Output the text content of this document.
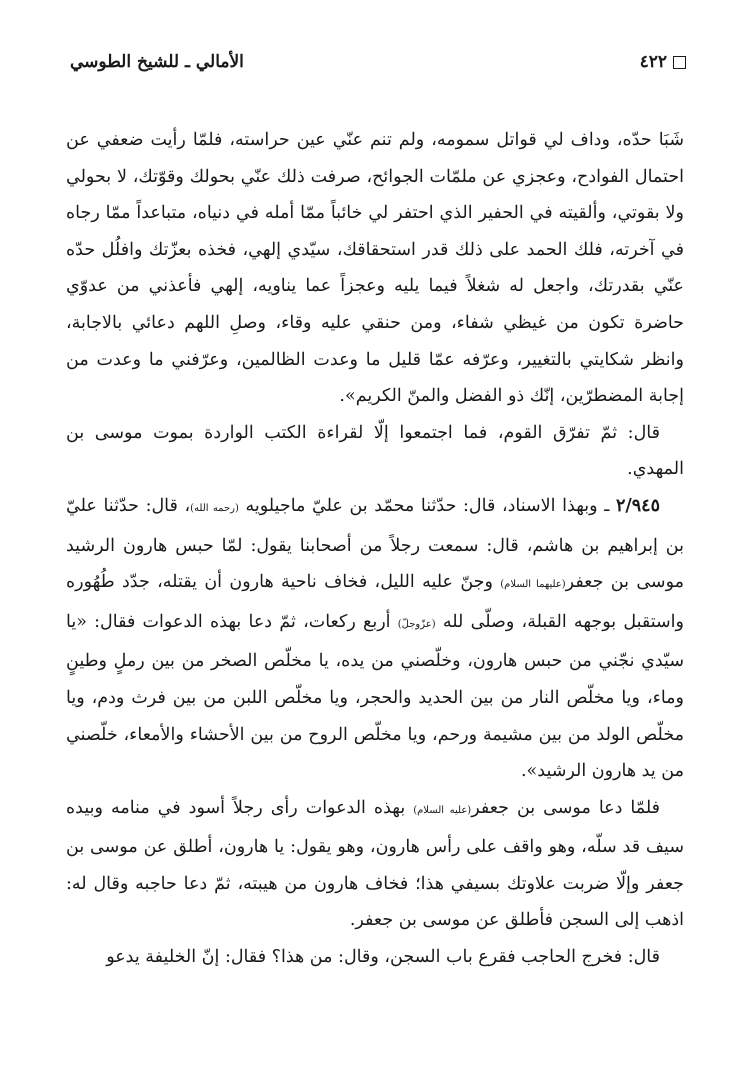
الأمالي ـ للشيخ الطوسي	٤٢٢

شَبَا حدّه، وداف لي قواتل سمومه، ولم تنم عنّي عين حراسته، فلمّا رأيت ضعفي عن احتمال الفوادح، وعجزي عن ملمّات الجوائح، صرفت ذلك عنّي بحولك وقوّتك، لا بحولي ولا بقوتي، وألقيته في الحفير الذي احتفر لي خائباً ممّا أمله في دنياه، متباعداً ممّا رجاه في آخرته، فلك الحمد على ذلك قدر استحقاقك، سيّدي إلهي، فخذه بعزّتك وافلُل حدّه عنّي بقدرتك، واجعل له شغلاً فيما يليه وعجزاً عما يناويه، إلهي فأعذني من عدوّي حاضرة تكون من غيظي شفاء، ومن حنقي عليه وقاء، وصلِ اللهم دعائي بالاجابة، وانظر شكايتي بالتغيير، وعرّفه عمّا قليل ما وعدت الظالمين، وعرّفني ما وعدت من إجابة المضطرّين، إنّك ذو الفضل والمنّ الكريم».

قال: ثمّ تفرّق القوم، فما اجتمعوا إلّا لقراءة الكتب الواردة بموت موسى بن المهدي.

٢/٩٤٥ ـ وبهذا الاسناد، قال: حدّثنا محمّد بن عليّ ماجيلويه (رحمه الله)، قال: حدّثنا عليّ بن إبراهيم بن هاشم، قال: سمعت رجلاً من أصحابنا يقول: لمّا حبس هارون الرشيد موسى بن جعفر(عليهما السلام) وجنّ عليه الليل، فخاف ناحية هارون أن يقتله، جدّد طُهُوره واستقبل بوجهه القبلة، وصلّى لله (عزّوجلّ) أربع ركعات، ثمّ دعا بهذه الدعوات فقال: «يا سيّدي نجّني من حبس هارون، وخلّصني من يده، يا مخلّص الصخر من بين رملٍ وطينٍ وماء، ويا مخلّص النار من بين الحديد والحجر، ويا مخلّص اللبن من بين فرث ودم، ويا مخلّص الولد من بين مشيمة ورحم، ويا مخلّص الروح من بين الأحشاء والأمعاء، خلّصني من يد هارون الرشيد».

فلمّا دعا موسى بن جعفر(عليه السلام) بهذه الدعوات رأى رجلاً أسود في منامه وبيده سيف قد سلّه، وهو واقف على رأس هارون، وهو يقول: يا هارون، أطلق عن موسى بن جعفر وإلّا ضربت علاوتك بسيفي هذا؛ فخاف هارون من هيبته، ثمّ دعا حاجبه وقال له: اذهب إلى السجن فأطلق عن موسى بن جعفر.

قال: فخرج الحاجب فقرع باب السجن، وقال: من هذا؟ فقال: إنّ الخليفة يدعو
